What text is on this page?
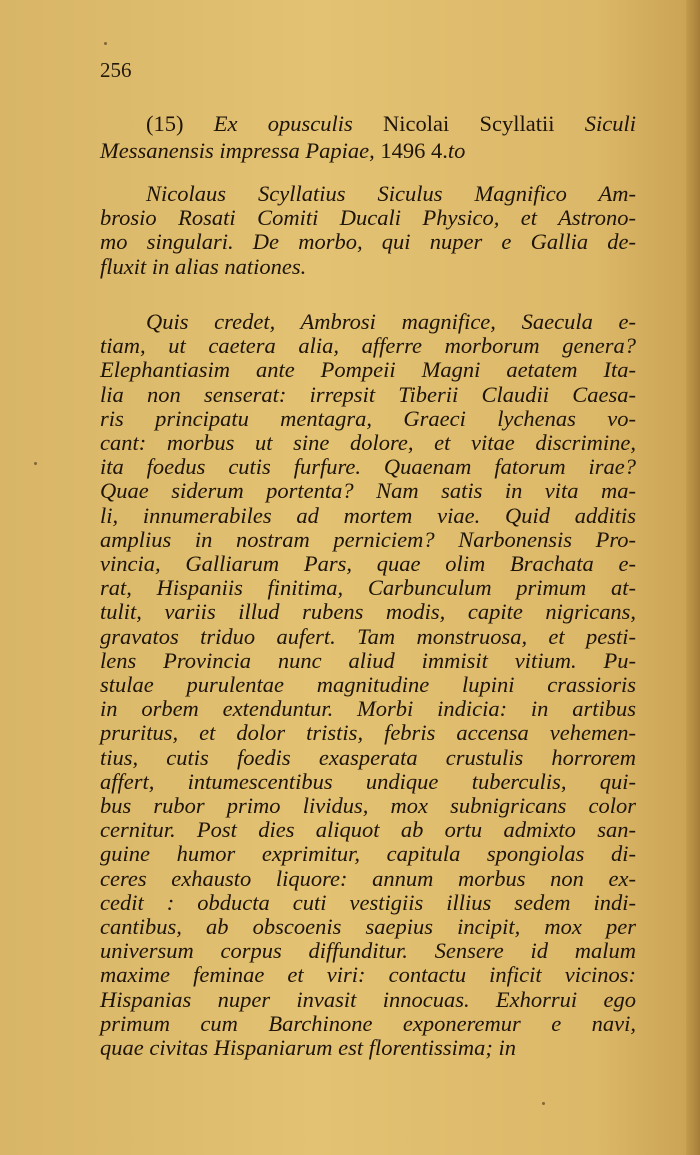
256
(15) Ex opusculis Nicolai Scyllatii Siculi
Messanensis impressa Papiae, 1496 4.to
Nicolaus Scyllatius Siculus Magnifico Am-
brosio Rosati Comiti Ducali Physico, et Astrono-
mo singulari. De morbo, qui nuper e Gallia de-
fluxit in alias nationes.
Quis credet, Ambrosi magnifice, Saecula e-
tiam, ut caetera alia, afferre morborum genera?
Elephantiasim ante Pompeii Magni aetatem Ita-
lia non senserat: irrepsit Tiberii Claudii Caesa-
ris principatu mentagra, Graeci lychenas vo-
cant: morbus ut sine dolore, et vitae discrimine,
ita foedus cutis furfure. Quaenam fatorum irae?
Quae siderum portenta? Nam satis in vita ma-
li, innumerabiles ad mortem viae. Quid additis
amplius in nostram perniciem? Narbonensis Pro-
vincia, Galliarum Pars, quae olim Brachata e-
rat, Hispaniis finitima, Carbunculum primum at-
tulit, variis illud rubens modis, capite nigricans,
gravatos triduo aufert. Tam monstruosa, et pesti-
lens Provincia nunc aliud immisit vitium. Pu-
stulae purulentae magnitudine lupini crassioris
in orbem extenduntur. Morbi indicia: in artibus
pruritus, et dolor tristis, febris accensa vehemen-
tius, cutis foedis exasperata crustulis horrorem
affert, intumescentibus undique tuberculis, qui-
bus rubor primo lividus, mox subnigricans color
cernitur. Post dies aliquot ab ortu admixto san-
guine humor exprimitur, capitula spongiolas di-
ceres exhausto liquore: annum morbus non ex-
cedit : obducta cuti vestigiis illius sedem indi-
cantibus, ab obscoenis saepius incipit, mox per
universum corpus diffunditur. Sensere id malum
maxime feminae et viri: contactu inficit vicinos:
Hispanias nuper invasit innocuas. Exhorrui ego
primum cum Barchinone exponeremur e navi,
quae civitas Hispaniarum est florentissima; in
